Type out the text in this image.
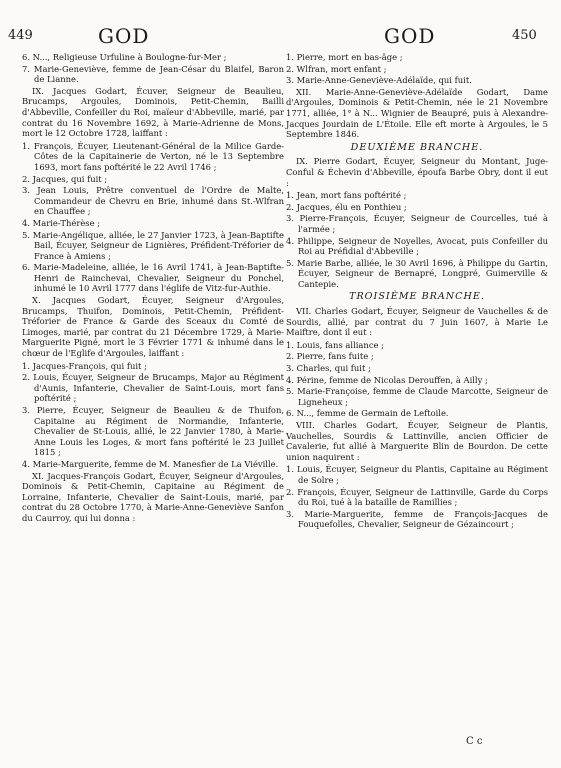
449	GOD	GOD	450

6. N..., Religieuse Urfuline à Boulogne-fur-Mer ;

7. Marie-Geneviève, femme de Jean-César du Blaifel, Baron de Lianne.

IX. Jacques Godart, Écuver, Seigneur de Beaulieu, Brucamps, Argoules, Dominois, Petit-Chemin, Bailli d'Abbeville, Confeiller du Roi, maïeur d'Abbeville, marié, par contrat du 16 Novembre 1692, à Marie-Adrienne de Mons, mort le 12 Octobre 1728, laiffant :

1. François, Écuyer, Lieutenant-Général de la Milice Garde-Côtes de la Capitainerie de Verton, né le 13 Septembre 1693, mort fans poftérité le 22 Avril 1746 ;

2. Jacques, qui fuit ;

3. Jean Louis, Prêtre conventuel de l'Ordre de Malte, Commandeur de Chevru en Brie, inhumé dans St.-Wlfran en Chauffee ;

4. Marie-Thérèse ;

5. Marie-Angélique, alliée, le 27 Janvier 1723, à Jean-Baptifte Bail, Écuyer, Seigneur de Lignières, Préfident-Tréforier de France à Amiens ;

6. Marie-Madeleine, alliée, le 16 Avril 1741, à Jean-Baptifte-Henri de Rainchevai, Chevalier, Seigneur du Ponchel, inhumé le 10 Avril 1777 dans l'églife de Vitz-fur-Authie.

X. Jacques Godart, Écuyer, Seigneur d'Argoules, Brucamps, Thuifon, Dominois, Petit-Chemin, Préfident-Tréforier de France & Garde des Sceaux du Comté de Limoges, marié, par contrat du 21 Décembre 1729, à Marie-Marguerite Pigné, mort le 3 Février 1771 & inhumé dans le chœur de l'Eglife d'Argoules, laiffant :

1. Jacques-François, qui fuit ;

2. Louis, Écuyer, Seigneur de Brucamps, Major au Régiment d'Aunis, Infanterie, Chevalier de Saint-Louis, mort fans poftérité ;

3. Pierre, Écuyer, Seigneur de Beaulieu & de Thuifon, Capitaine au Régiment de Normandie, Infanterie, Chevalier de St-Louis, allié, le 22 Janvier 1780, à Marie-Anne Louis les Loges, & mort fans poftérité le 23 Juillet 1815 ;

4. Marie-Marguerite, femme de M. Manesfier de La Viéville.

XI. Jacques-François Godart, Écuyer, Seigneur d'Argoules, Dominois & Petit-Chemin, Capitaine au Régiment de Lorraine, Infanterie, Chevalier de Saint-Louis, marié, par contrat du 28 Octobre 1770, à Marie-Anne-Geneviève Sanfon du Caurroy, qui lui donna :

1. Pierre, mort en bas-âge ;

2. Wlfran, mort enfant ;

3. Marie-Anne-Geneviève-Adélaïde, qui fuit.

XII. Marie-Anne-Geneviève-Adélaïde Godart, Dame d'Argoules, Dominois & Petit-Chemin, née le 21 Novembre 1771, alliée, 1° à N... Wignier de Beaupré, puis à Alexandre-Jacques Jourdain de L'Étoile. Elle eft morte à Argoules, le 5 Septembre 1846.

DEUXIÈME BRANCHE.

IX. Pierre Godart, Écuyer, Seigneur du Montant, Juge-Conful & Échevin d'Abbeville, époufa Barbe Obry, dont il eut :

1. Jean, mort fans poftérité ;

2. Jacques, élu en Ponthieu ;

3. Pierre-François, Écuyer, Seigneur de Courcelles, tué à l'armée ;

4. Philippe, Seigneur de Noyelles, Avocat, puis Confeiller du Roi au Préfidial d'Abbeville ;

5. Marie Barbe, alliée, le 30 Avril 1696, à Philippe du Gartin, Écuyer, Seigneur de Bernapré, Longpré, Guimerville & Cantepie.

TROISIÈME BRANCHE.

VII. Charles Godart, Écuyer, Seigneur de Vauchelles & de Sourdis, allié, par contrat du 7 Juin 1607, à Marie Le Maiftre, dont il eut :

1. Louis, fans alliance ;

2. Pierre, fans fuite ;

3. Charles, qui fuit ;

4. Périne, femme de Nicolas Derouffen, à Ailly ;

5. Marie-Françoise, femme de Claude Marcotte, Seigneur de Ligneheux ;

6. N..., femme de Germain de Leftoile.

VIII. Charles Godart, Écuyer, Seigneur de Plantis, Vauchelles, Sourdis & Lattinville, ancien Officier de Cavalerie, fut allié à Marguerite Blin de Bourdon. De cette union naquirent :

1. Louis, Écuyer, Seigneur du Plantis, Capitaine au Régiment de Solre ;

2. François, Écuyer, Seigneur de Lattinville, Garde du Corps du Roi, tué à la bataille de Ramillies ;

3. Marie-Marguerite, femme de François-Jacques de Fouquefolles, Chevalier, Seigneur de Gézaincourt ;

C c
